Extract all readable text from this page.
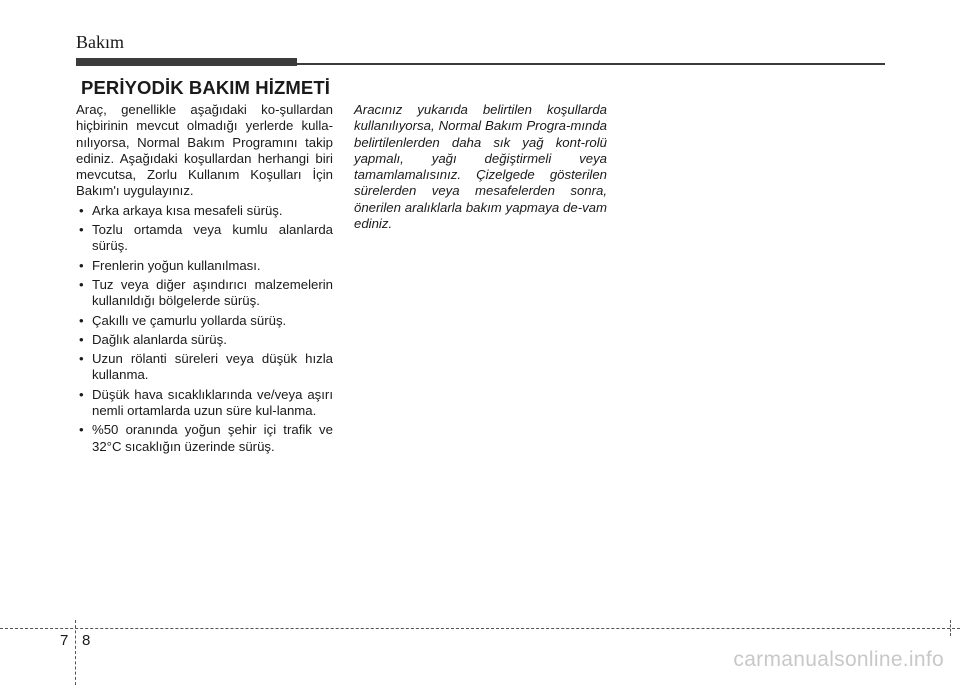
Bakım
PERİYODİK BAKIM HİZMETİ

Araç, genellikle aşağıdaki ko-şullardan hiçbirinin mevcut olmadığı yerlerde kulla-nılıyorsa, Normal Bakım Programını takip ediniz. Aşağıdaki koşullardan herhangi biri mevcutsa, Zorlu Kullanım Koşulları İçin Bakım'ı uygulayınız.

• Arka arkaya kısa mesafeli sürüş.
• Tozlu ortamda veya kumlu alanlarda sürüş.
• Frenlerin yoğun kullanılması.
• Tuz veya diğer aşındırıcı malzemelerin kullanıldığı bölgelerde sürüş.
• Çakıllı ve çamurlu yollarda sürüş.
• Dağlık alanlarda sürüş.
• Uzun rölanti süreleri veya düşük hızla kullanma.
• Düşük hava sıcaklıklarında ve/veya aşırı nemli ortamlarda uzun süre kul-lanma.
• %50 oranında yoğun şehir içi trafik ve 32°C sıcaklığın üzerinde sürüş.

Aracınız yukarıda belirtilen koşullarda kullanılıyorsa, Normal Bakım Progra-mında belirtilenlerden daha sık yağ kont-rolü yapmalı, yağı değiştirmeli veya tamamlamalısınız. Çizelgede gösterilen sürelerden veya mesafelerden sonra, önerilen aralıklarla bakım yapmaya de-vam ediniz.

7 8
carmanualsonline.info
